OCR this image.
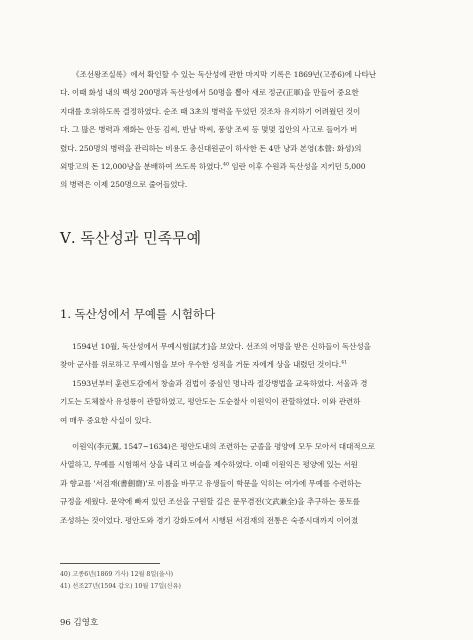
《조선왕조실록》에서 확인할 수 있는 독산성에 관한 마지막 기록은 1869년(고종6)에 나타난
다. 이때 화성 내의 백성 200명과 독산성에서 50명을 뽑아 새로 정군(正軍)을 만들어 중요한
지대를 호위하도록 결정하였다. 순조 때 3초의 병력을 두었던 것조차 유지하기 어려웠던 것이
다. 그 많은 병력과 재화는 안동 김씨, 반남 박씨, 풍양 조씨 등 몇몇 집안의 사고로 들어가 버
렸다. 250명의 병력을 관리하는 비용도 총신대원군이 하사한 돈 4만 냥과 본영(本營: 화성)의
외방고의 돈 12,000냥을 분배하여 쓰도록 하였다.$^{40}$ 임란 이후 수원과 독산성을 지키던 5,000
의 병력은 이제 250명으로 줄어들었다.
Ⅴ. 독산성과 민족무예
1. 독산성에서 무예를 시험하다
1594년 10월, 독산성에서 무예시험[試才]을 보았다. 선조의 어명을 받은 신하들이 독산성을
찾아 군사를 위로하고 무예시험을 보아 우수한 성적을 거둔 자에게 상을 내렸던 것이다.$^{41}$
1593년부터 훈련도감에서 창술과 검법이 중심인 명나라 절강병법을 교육하였다. 서울과 경
기도는 도체찰사 유성룡이 관할하였고, 평안도는 도순찰사 이원익이 관할하였다. 이와 관련하
여 매우 중요한 사실이 있다.
이원익(李元翼, 1547~1634)은 평안도내의 조련하는 군졸을 평양에 모두 모아서 대대적으로
사열하고, 무예를 시험해서 상을 내리고 벼슬을 제수하였다. 이때 이원익은 평양에 있는 서원
과 향교를 '서검재(書劍齋)'로 이름을 바꾸고 유생들이 학문을 익히는 여가에 무예를 수련하는
규정을 세웠다. 문약에 빠져 있던 조선을 구원할 길은 문무겸전(文武兼全)을 추구하는 풍토를
조성하는 것이었다. 평안도와 경기 강화도에서 시행된 서검재의 전통은 숙종시대까지 이어졌
40) 고종6년(1869 기사) 12월 8일(을사)
41) 선조27년(1594 갑오) 10월 17일(신유)
96 김영호
